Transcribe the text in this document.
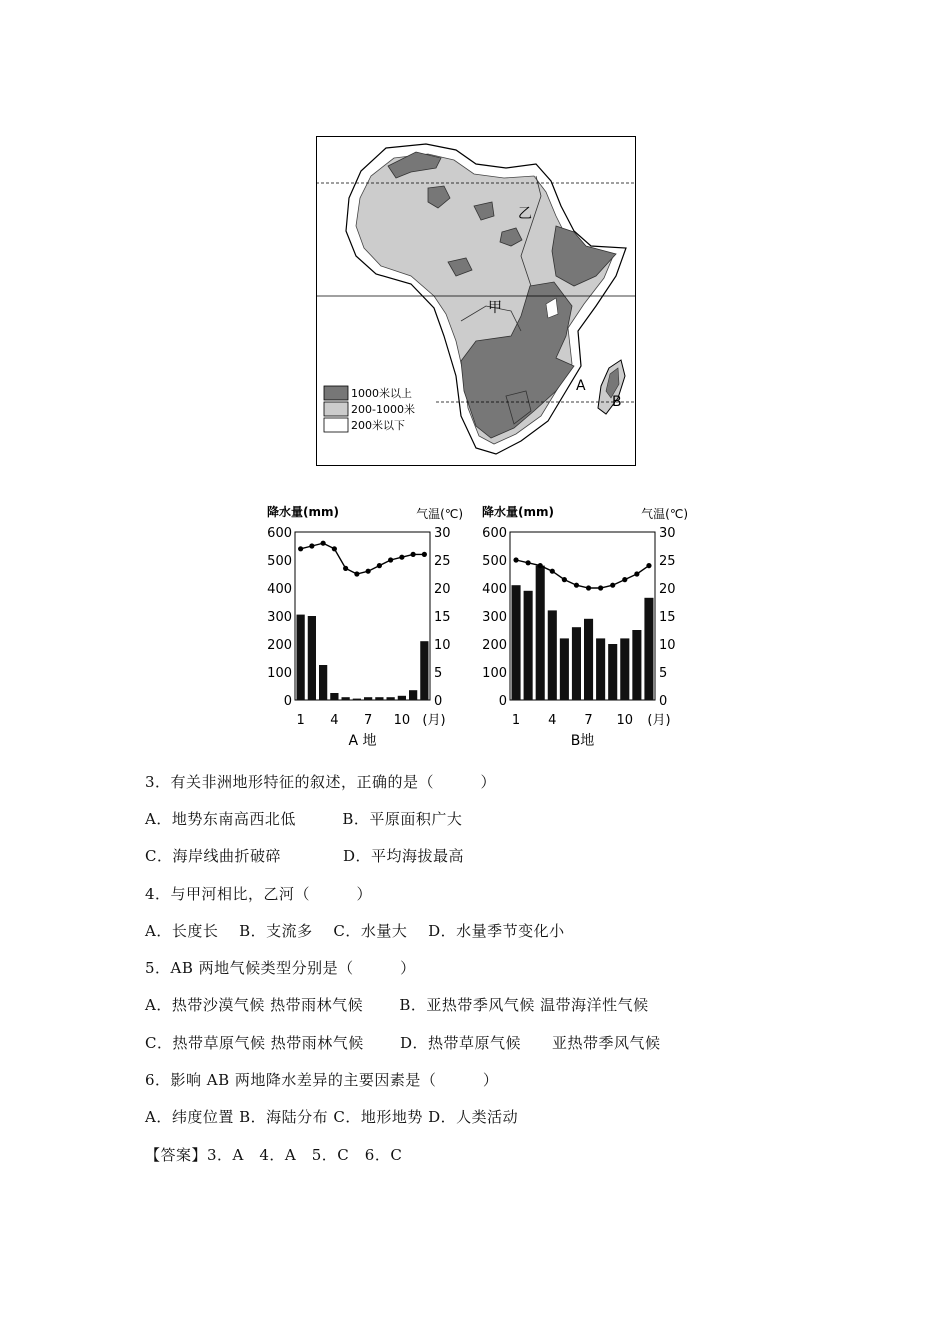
乙
甲
A
B
1000米以上
200-1000米
200米以下
降水量(mm)	气温(℃)
0
100
200
300
400
500
600
0
5
10
15
20
25
30
1 4 7 10 (月)
A 地
降水量(mm)	气温(℃)
0
100
200
300
400
500
600
0
5
10
15
20
25
30
1 4 7 10 (月)
B地
3．有关非洲地形特征的叙述，正确的是（　　　）
A．地势东南高西北低　　　B．平原面积广大
C．海岸线曲折破碎　　　　D．平均海拔最高
4．与甲河相比，乙河（　　　）
A．长度长　 B．支流多　 C．水量大　 D．水量季节变化小
5．AB 两地气候类型分别是（　　　）
A．热带沙漠气候 热带雨林气候　　 B．亚热带季风气候 温带海洋性气候
C．热带草原气候 热带雨林气候　　 D．热带草原气候　　亚热带季风气候
6．影响 AB 两地降水差异的主要因素是（　　　）
A．纬度位置 B．海陆分布 C．地形地势 D．人类活动
【答案】3．A　4．A　5．C　6．C
